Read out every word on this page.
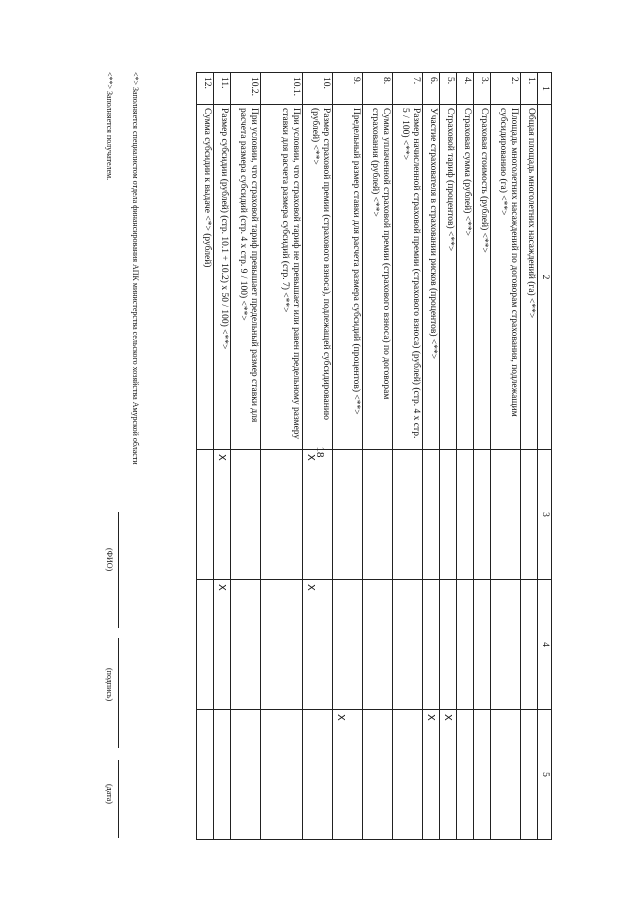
18
1	2	3	4	5
1.	Общая площадь многолетних насаждений (га) <**>			
2.	Площадь многолетних насаждений по договорам страхования, подлежащим субсидированию (га) <**>			
3.	Страховая стоимость (рублей) <**>			
4.	Страховая сумма (рублей) <**>			
5.	Страховой тариф (процентов) <**>			X
6.	Участие страхователя в страховании рисков (процентов) <**>			X
7.	Размер начисленной страховой премии (страхового взноса) (рублей) (стр. 4 x стр. 5 / 100) <**>			
8.	Сумма уплаченной страховой премии (страхового взноса) по договорам страхования (рублей) <**>			
9.	Предельный размер ставки для расчета размера субсидий (процентов) <**>			X
10.	Размер страховой премии (страхового взноса), подлежащей субсидированию (рублей) <**>	X	X	
10.1.	При условии, что страховой тариф не превышает или равен предельному размеру ставки для расчета размера субсидий (стр. 7) <**>			
10.2.	При условии, что страховой тариф превышает предельный размер ставки для расчета размера субсидий (стр. 4 x стр. 9 / 100) <**>			
11.	Размер субсидии (рублей) (стр. 10.1 + 10.2) x 50 / 100) <**>	X	X	
12.	Сумма субсидии к выдаче <*> (рублей)			
<*> Заполняется специалистом отдела финансирования АПК министерства сельского хозяйства Амурской области
(ФИО)
(подпись)
(дата)
<**> Заполняется получателем.
